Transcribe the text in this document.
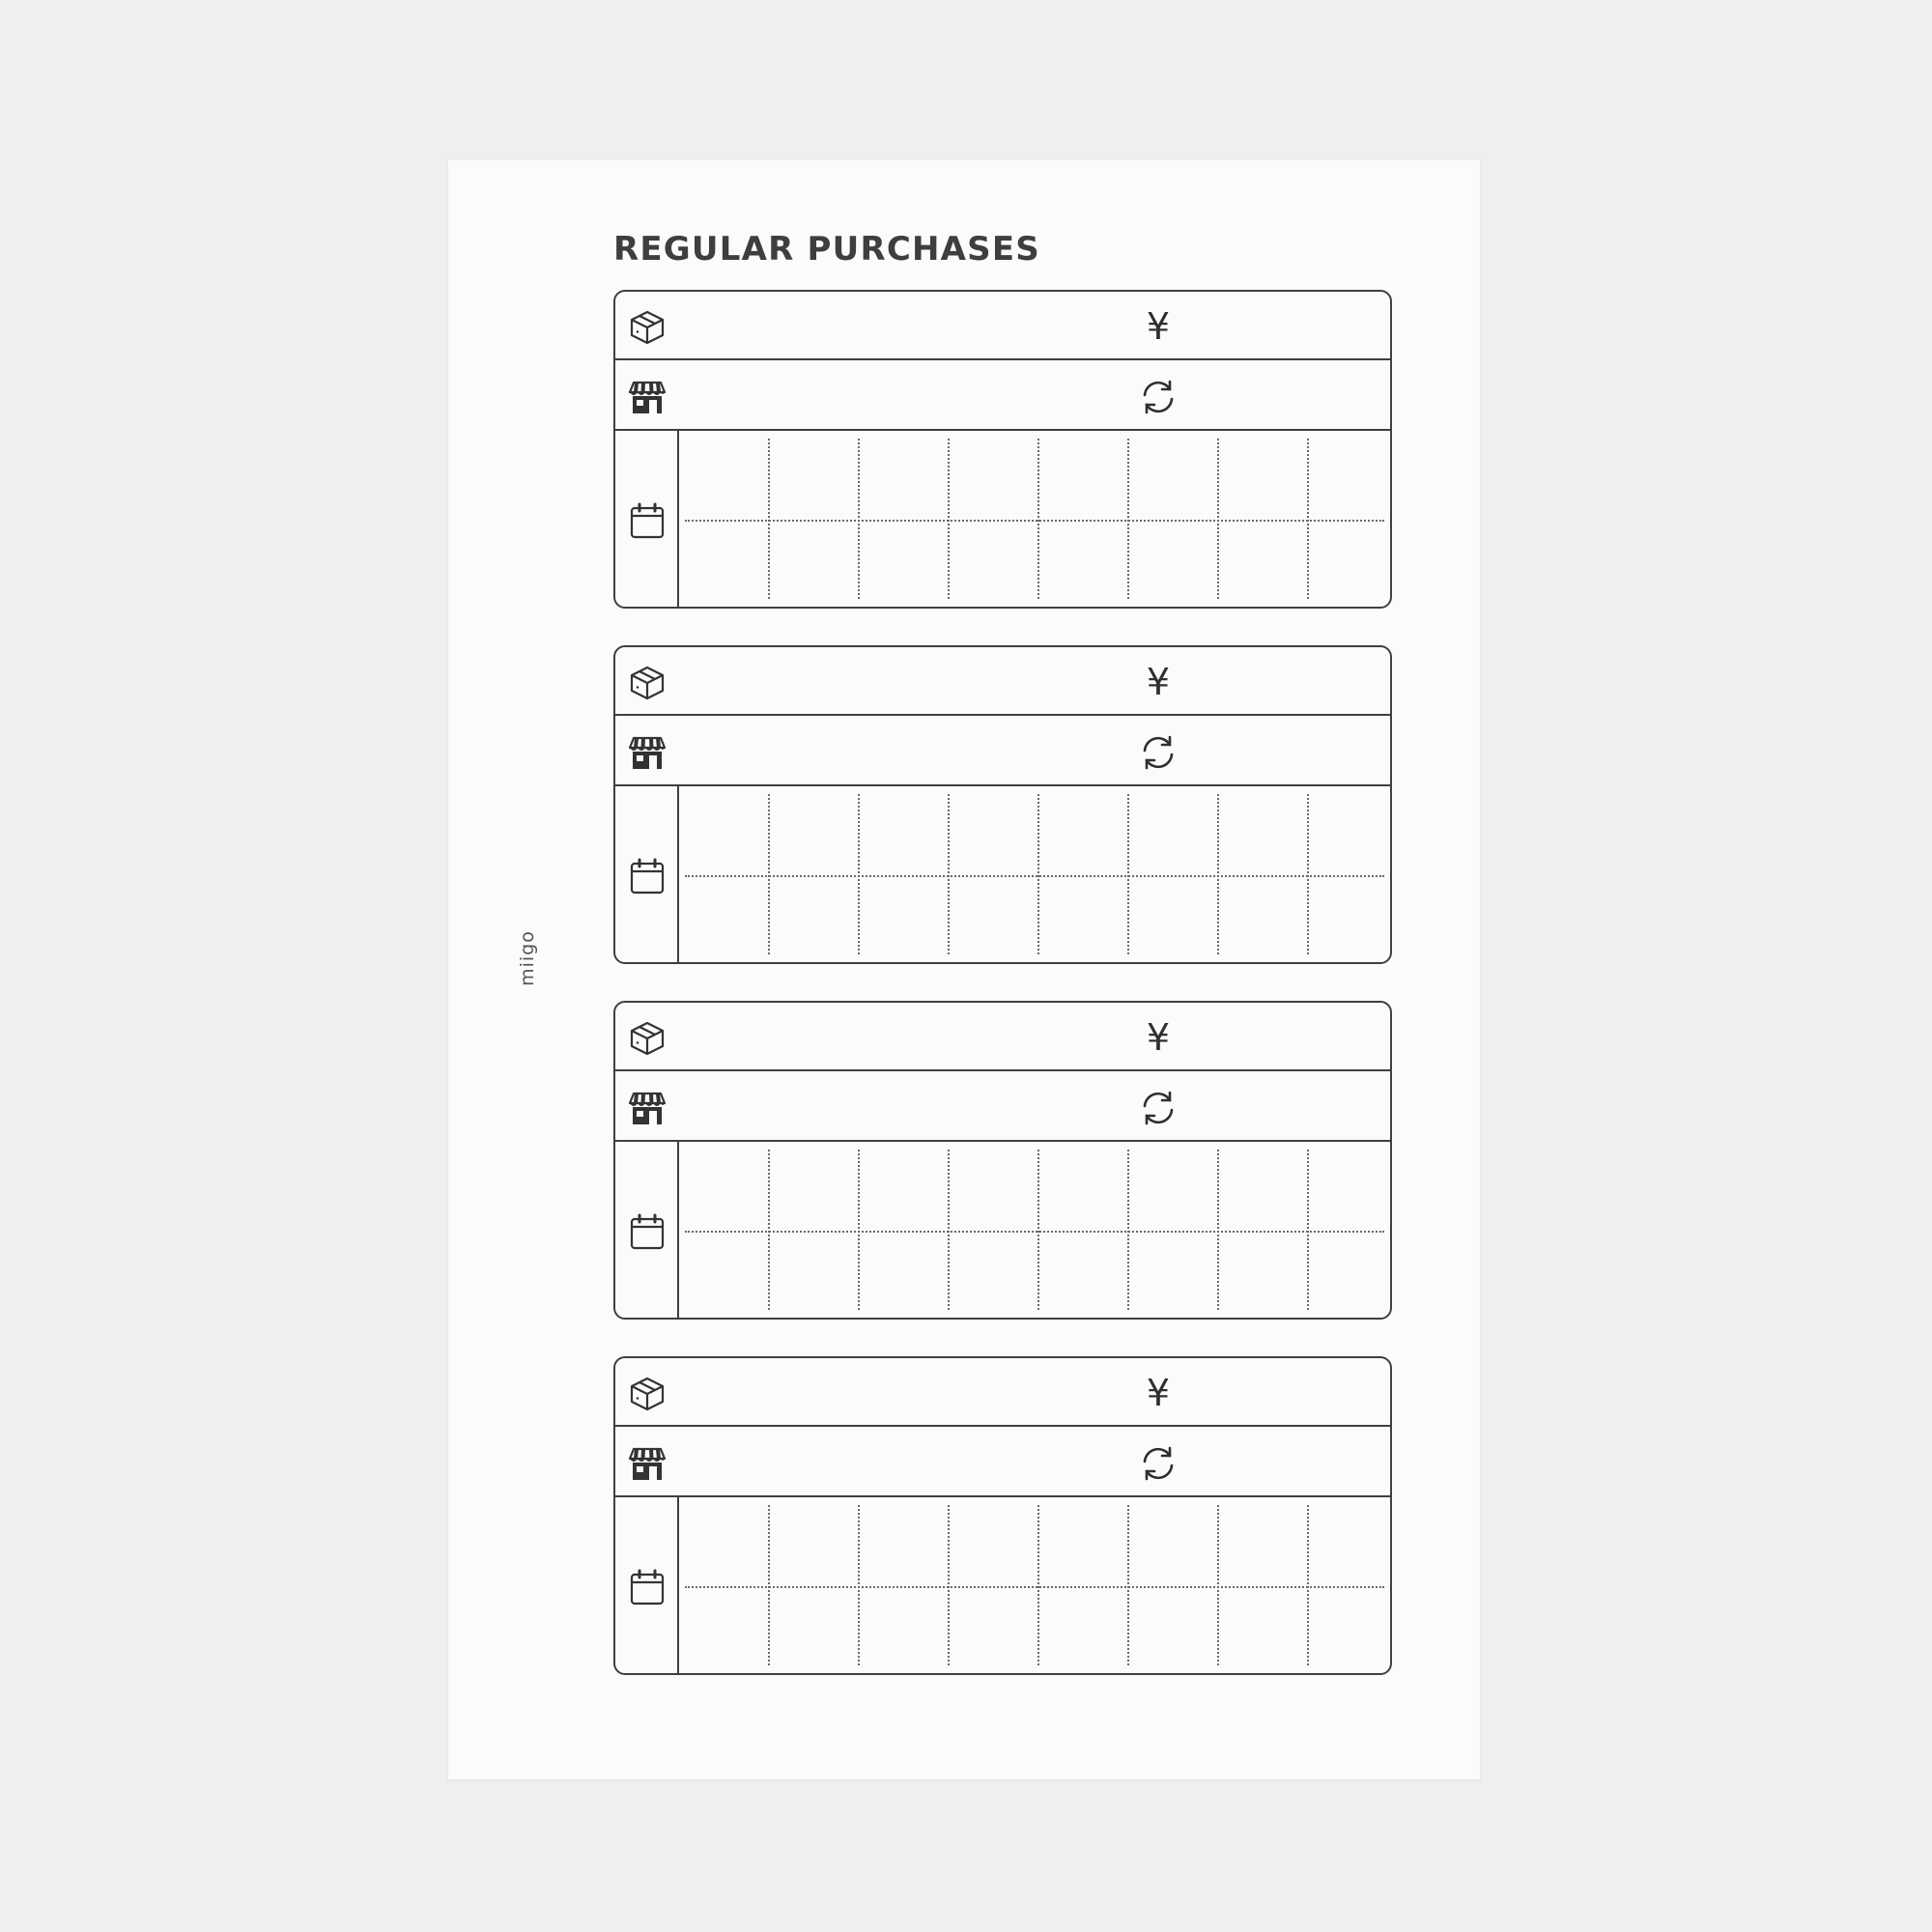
REGULAR PURCHASES
miigo
¥
¥
¥
¥
